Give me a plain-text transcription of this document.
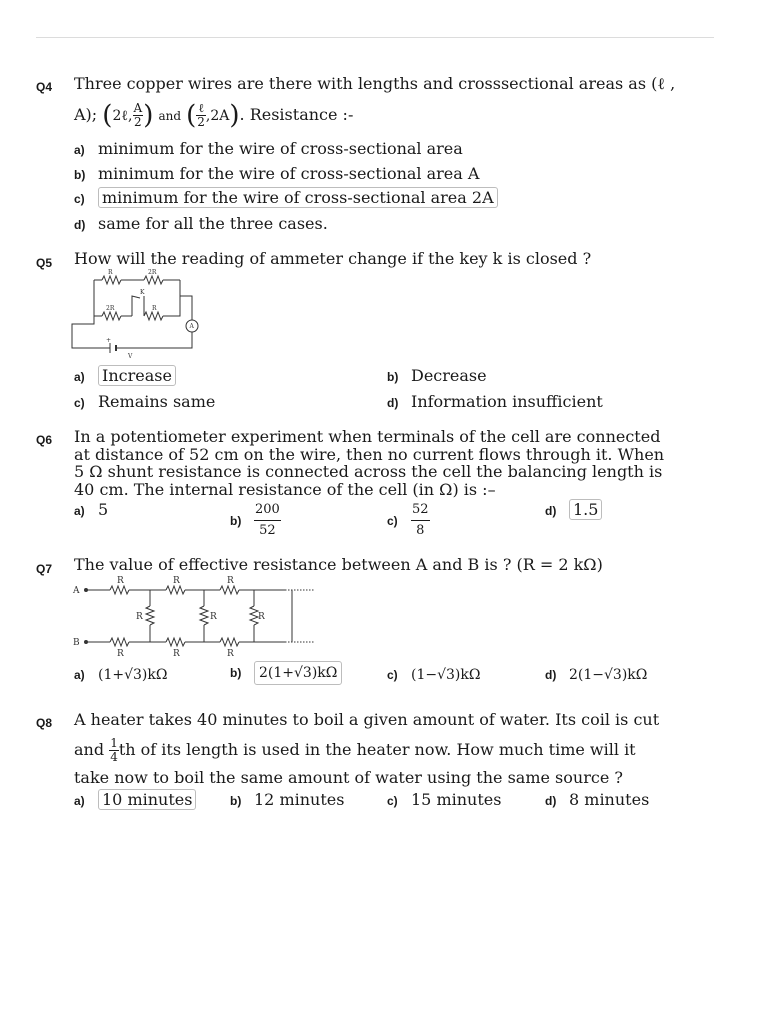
Q4 Three copper wires are there with lengths and crosssectional areas as (ℓ ,
A); (2ℓ, $\frac{A}{2}$ ) and ( $\frac{\text{ℓ}}{2} ,2A$). Resistance :-
a) minimum for the wire of cross-sectional area
b) minimum for the wire of cross-sectional area A
c) minimum for the wire of cross-sectional area 2A
d) same for all the three cases.
Q5 How will the reading of ammeter change if the key k is closed ?
R	2R
2R	R
K
A
+
V
a) Increase	b) Decrease
c) Remains same	d) Information insufficient
Q6 In a potentiometer experiment when terminals of the cell are connected
at distance of 52 cm on the wire, then no current flows through it. When
5 Ω shunt resistance is connected across the cell the balancing length is
40 cm. The internal resistance of the cell (in Ω) is :–
a) 5
$b) \frac{200}{52}$	$c) \frac{52}{8}$	d) 1.5
Q7 The value of effective resistance between A and B is ? (R = 2 kΩ)
A
B
R	R	R
R	R	R
R	R	R
a) (1+√3)kΩ	b) 2(1+√3)kΩ	c) (1−√3)kΩ	d) 2(1−√3)kΩ
Q8 A heater takes 40 minutes to boil a given amount of water. Its coil is cut
and $\frac{1}{4}$ th of its length is used in the heater now. How much time will it
take now to boil the same amount of water using the same source ?
a) 10 minutes	b) 12 minutes	c) 15 minutes	d) 8 minutes
